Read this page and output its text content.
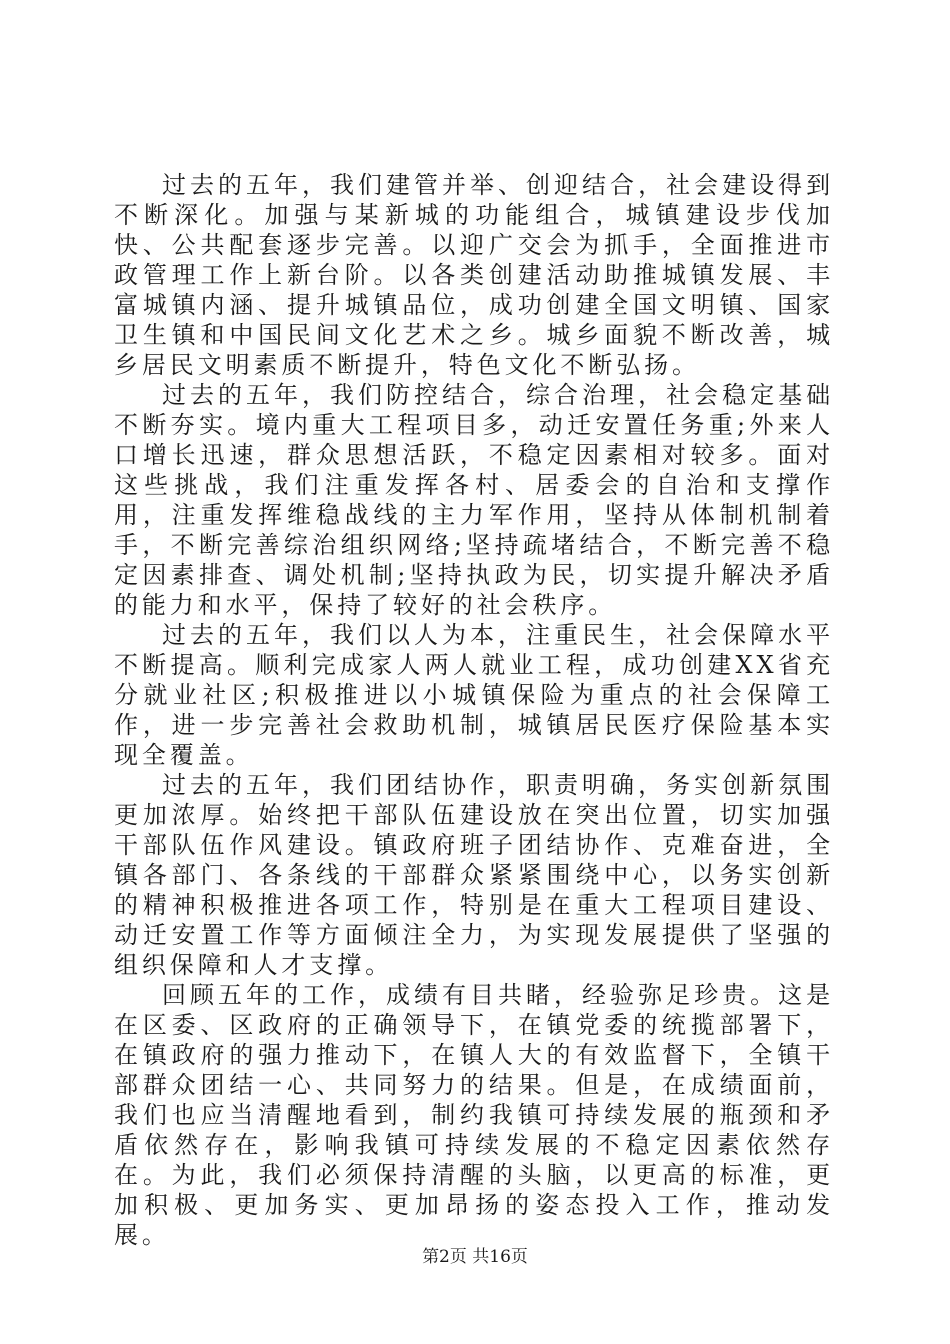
过去的五年，我们建管并举、创迎结合，社会建设得到不断深化。加强与某新城的功能组合，城镇建设步伐加快、公共配套逐步完善。以迎广交会为抓手，全面推进市政管理工作上新台阶。以各类创建活动助推城镇发展、丰富城镇内涵、提升城镇品位，成功创建全国文明镇、国家卫生镇和中国民间文化艺术之乡。城乡面貌不断改善，城乡居民文明素质不断提升，特色文化不断弘扬。

过去的五年，我们防控结合，综合治理，社会稳定基础不断夯实。境内重大工程项目多，动迁安置任务重;外来人口增长迅速，群众思想活跃，不稳定因素相对较多。面对这些挑战，我们注重发挥各村、居委会的自治和支撑作用，注重发挥维稳战线的主力军作用，坚持从体制机制着手，不断完善综治组织网络;坚持疏堵结合，不断完善不稳定因素排查、调处机制;坚持执政为民，切实提升解决矛盾的能力和水平，保持了较好的社会秩序。

过去的五年，我们以人为本，注重民生，社会保障水平不断提高。顺利完成家人两人就业工程，成功创建XX省充分就业社区;积极推进以小城镇保险为重点的社会保障工作，进一步完善社会救助机制，城镇居民医疗保险基本实现全覆盖。

过去的五年，我们团结协作，职责明确，务实创新氛围更加浓厚。始终把干部队伍建设放在突出位置，切实加强干部队伍作风建设。镇政府班子团结协作、克难奋进，全镇各部门、各条线的干部群众紧紧围绕中心，以务实创新的精神积极推进各项工作，特别是在重大工程项目建设、动迁安置工作等方面倾注全力，为实现发展提供了坚强的组织保障和人才支撑。

回顾五年的工作，成绩有目共睹，经验弥足珍贵。这是在区委、区政府的正确领导下，在镇党委的统揽部署下，在镇政府的强力推动下，在镇人大的有效监督下，全镇干部群众团结一心、共同努力的结果。但是，在成绩面前，我们也应当清醒地看到，制约我镇可持续发展的瓶颈和矛盾依然存在，影响我镇可持续发展的不稳定因素依然存在。为此，我们必须保持清醒的头脑，以更高的标准，更加积极、更加务实、更加昂扬的姿态投入工作，推动发展。

第2页 共16页
